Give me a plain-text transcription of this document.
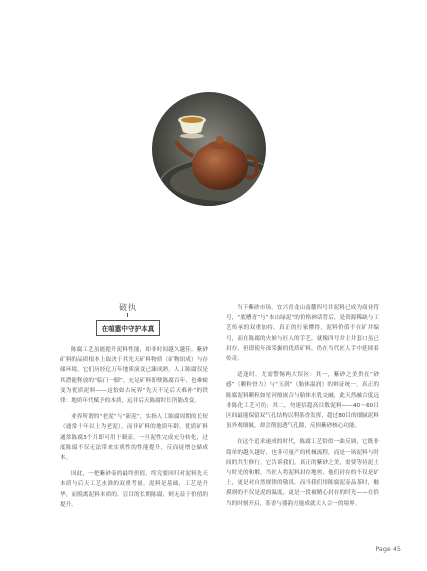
破执
在喧嚣中守护本真

陈腐工艺虽能提升泥料性能，却非时间越久越佳。紫砂矿料的品质根本上取决于其先天矿料物质（矿物组成）与存储环境。它们历经亿万年地质演变已臻成熟，人工陈腐仅是其潜能释放的“临门一脚”。充足矿料即便陈腐百年，也难蜕变为优质泥料——这恰如古玩界“先天不足后天难补”的铁律：地质年代赋予的本质，远非后天陈腐时长所能改变。

业界所谓的“老泥”与“新泥”，实指人工陈腐周期的长短（通常十年以上为老泥），而非矿料的地质年龄。优质矿料通常陈腐3个月即可用于制壶，一旦泥性完成充分转化，过度陈腐不仅无法带来实质性的性能提升，反而徒增仓储成本。

因此，一把紫砂壶的最终价值，终究要回归对泥料先天本质与后天工艺水准的双重考量。泥料是基础，工艺是升华，而脱离泥料本质的、盲目的长期陈腐，则无益于价值的提升。

当下紫砂市场，宜兴青龙山南麓四号井泥料已成为商业符号，“底槽青”与“本山绿泥”的价格神话背后，是资源稀缺与工艺传承的双重加持。真正的行家懂得，泥料价值不在矿井编号，而在陈腐的火候与匠人的手艺。就像四号井主井套口虽已封存，但即使年深采掘的优质矿料，仍在当代匠人手中延续着传奇。

适逢时，尤需警惕两大误区：其一，紫砂之美贵在“砂感”（颗粒骨力）与“玉润”（胎体温润）的辩证统一，真正的陈腐泥料颗粒如星河般嵌合与胎体水乳交融，此天然融合度远非陈化工艺可仿；其二，勿迷信超高目数泥料——40～60目区间最能保留双气孔结构以利茶香发挥，超过80目的细腻泥料虽外观细腻，却会削弱透气孔隙，反损紫砂核心功能。

在这个追求速成的时代，陈腐工艺恰似一曲反调，它既非简单的越久越好，也非可量产的机械流程，而是一场泥料与时间的共生修行。它告诉我们，真正的紫砂之美，需要等待泥土与时光的和解，当匠人将泥料封存地窖，他们封存的不仅是矿土，更是对自然规律的敬畏。而当我们用陈腐泥壶品茶时，触摸到的不仅是泥的温度，更是一段被精心封存的时光——在恰当的时刻开启，茶香与器韵方能成就天人合一的境界。

Page 45
